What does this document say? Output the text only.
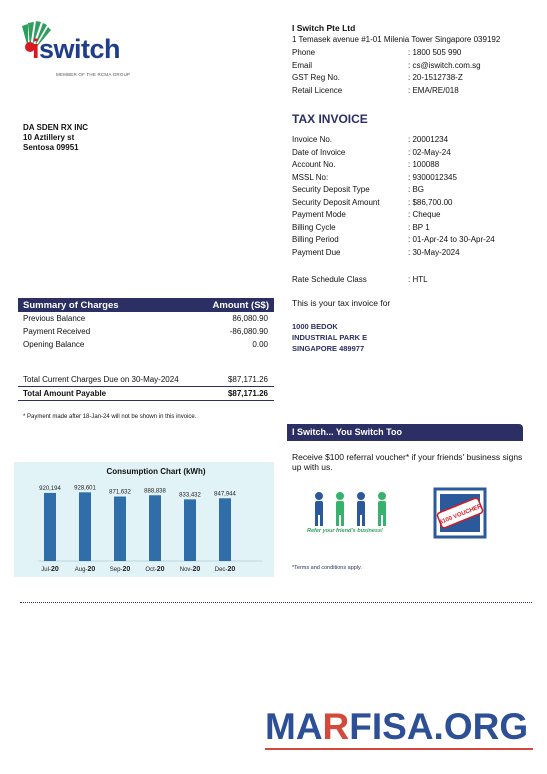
iswitch
MEMBER OF THE RCMA GROUP
DA SDEN RX INC
10 Aztillery st
Sentosa 09951
I Switch Pte Ltd
1 Temasek avenue #1-01 Milenia Tower Singapore 039192
Phone	: 1800 505 990
Email	: cs@iswitch.com.sg
GST Reg No.	: 20-1512738-Z
Retail Licence	: EMA/RE/018
TAX INVOICE
Invoice No.	: 20001234
Date of Invoice	: 02-May-24
Account No.	: 100088
MSSL No:	: 9300012345
Security Deposit Type	: BG
Security Deposit Amount	: $86,700.00
Payment Mode	: Cheque
Billing Cycle	: BP 1
Billing Period	: 01-Apr-24 to 30-Apr-24
Payment Due	: 30-May-2024
Rate Schedule Class	: HTL
Summary of Charges	Amount (S$)
Previous Balance	86,080.90
Payment Received	-86,080.90
Opening Balance	0.00
Total Current Charges Due on 30-May-2024	$87,171.26
Total Amount Payable	$87,171.26
* Payment made after 18-Jan-24 will not be shown in this invoice.
This is your tax invoice for
1000 BEDOK
INDUSTRIAL PARK E
SINGAPORE 489977
Consumption Chart (kWh)
920,194
Jul-20
928,601
Aug-20
871,632
Sep-20
888,838
Oct-20
833,432
Nov-20
847,944
Dec-20
I Switch... You Switch Too
Receive $100 referral voucher* if your friends' business signs up with us.
Refer your friend's business!
$100 VOUCHER
*Terms and conditions apply.
MARFISA.ORG
